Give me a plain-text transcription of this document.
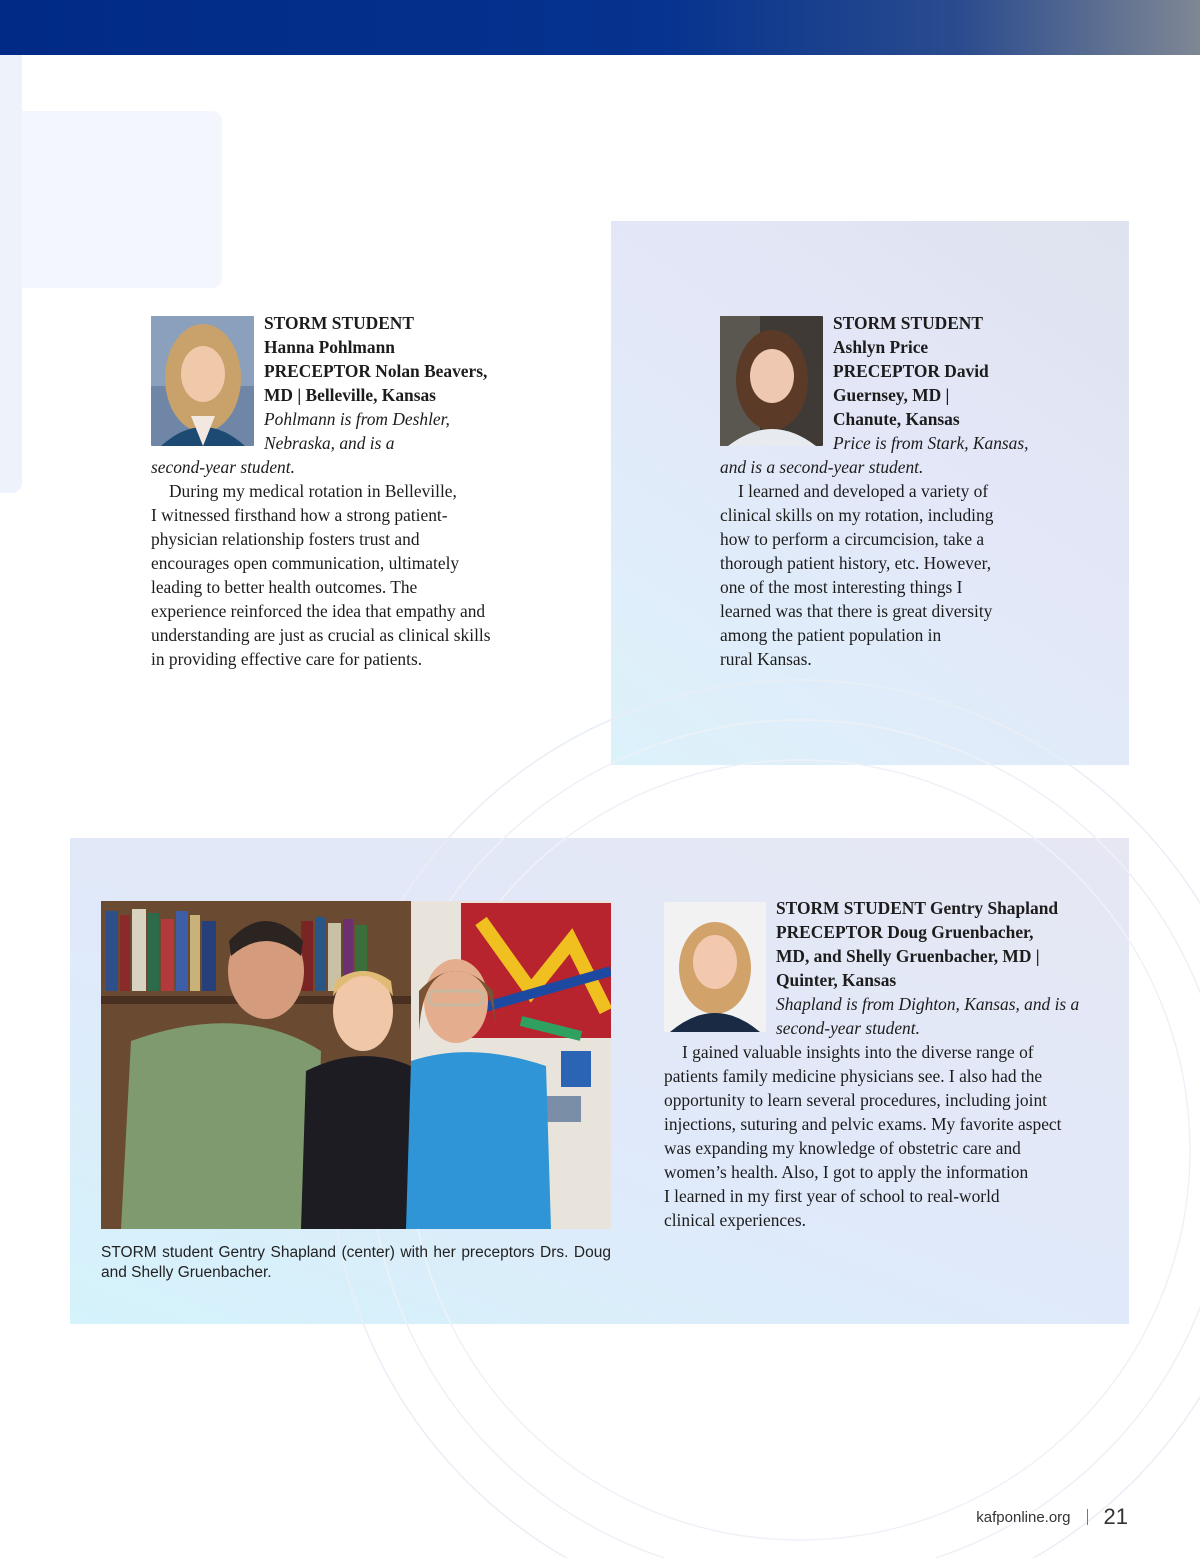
STORM STUDENT
Hanna Pohlmann
PRECEPTOR Nolan Beavers,
MD | Belleville, Kansas
Pohlmann is from Deshler,
Nebraska, and is a
second-year student.
During my medical rotation in Belleville,
I witnessed firsthand how a strong patient-
physician relationship fosters trust and
encourages open communication, ultimately
leading to better health outcomes. The
experience reinforced the idea that empathy and
understanding are just as crucial as clinical skills
in providing effective care for patients.
STORM STUDENT
Ashlyn Price
PRECEPTOR David
Guernsey, MD |
Chanute, Kansas
Price is from Stark, Kansas,
and is a second-year student.
I learned and developed a variety of
clinical skills on my rotation, including
how to perform a circumcision, take a
thorough patient history, etc. However,
one of the most interesting things I
learned was that there is great diversity
among the patient population in
rural Kansas.
STORM student Gentry Shapland (center) with her preceptors Drs. Doug and Shelly Gruenbacher.
STORM STUDENT Gentry Shapland
PRECEPTOR Doug Gruenbacher,
MD, and Shelly Gruenbacher, MD |
Quinter, Kansas
Shapland is from Dighton, Kansas, and is a
second-year student.
I gained valuable insights into the diverse range of
patients family medicine physicians see. I also had the
opportunity to learn several procedures, including joint
injections, suturing and pelvic exams. My favorite aspect
was expanding my knowledge of obstetric care and
women’s health. Also, I got to apply the information
I learned in my first year of school to real-world
clinical experiences.
kafponline.org 21
